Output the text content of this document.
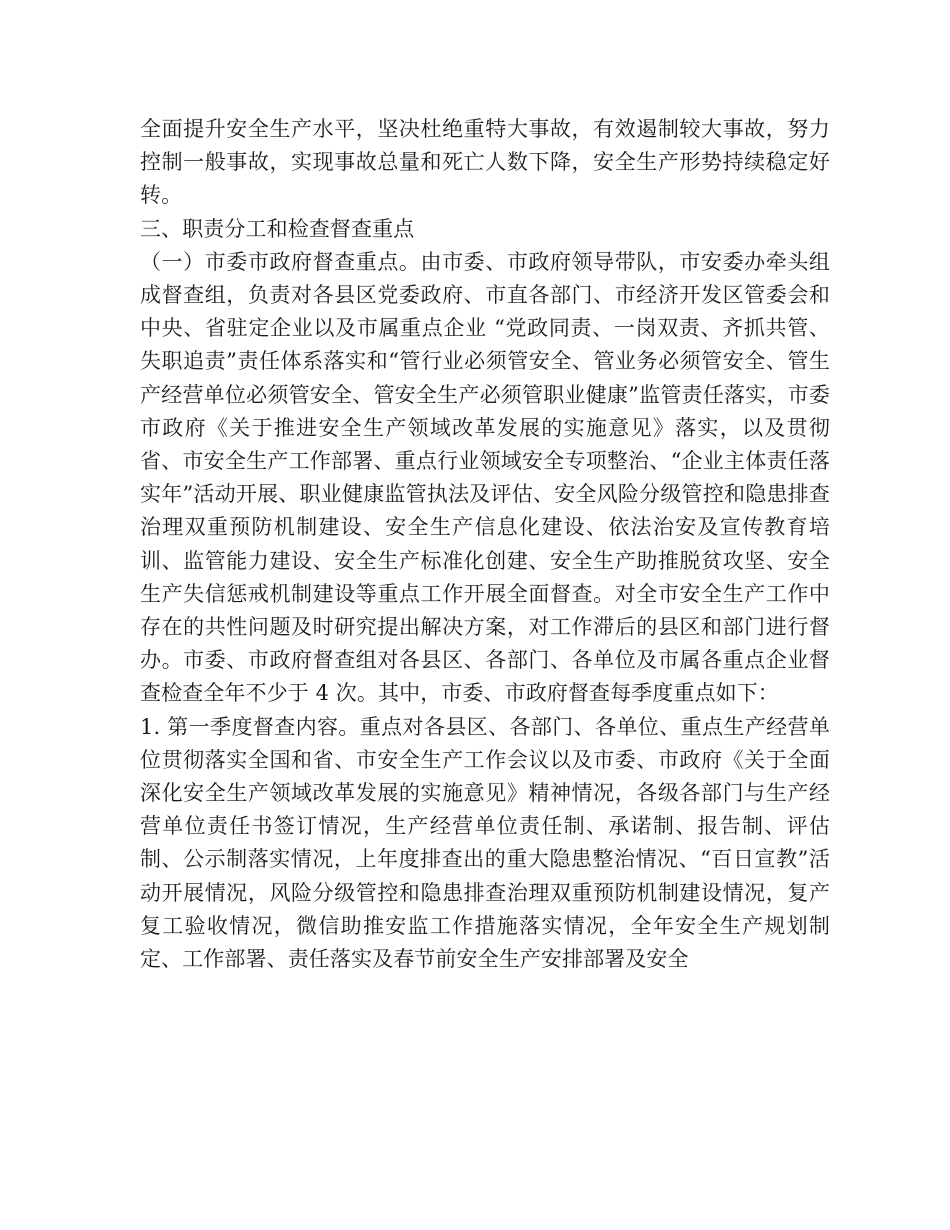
全面提升安全生产水平，坚决杜绝重特大事故，有效遏制较大事故，努力控制一般事故，实现事故总量和死亡人数下降，安全生产形势持续稳定好转。

三、职责分工和检查督查重点

（一）市委市政府督查重点。由市委、市政府领导带队，市安委办牵头组成督查组，负责对各县区党委政府、市直各部门、市经济开发区管委会和中央、省驻定企业以及市属重点企业 “党政同责、一岗双责、齐抓共管、失职追责”责任体系落实和“管行业必须管安全、管业务必须管安全、管生产经营单位必须管安全、管安全生产必须管职业健康”监管责任落实，市委市政府《关于推进安全生产领域改革发展的实施意见》落实，以及贯彻省、市安全生产工作部署、重点行业领域安全专项整治、“企业主体责任落实年”活动开展、职业健康监管执法及评估、安全风险分级管控和隐患排查治理双重预防机制建设、安全生产信息化建设、依法治安及宣传教育培训、监管能力建设、安全生产标准化创建、安全生产助推脱贫攻坚、安全生产失信惩戒机制建设等重点工作开展全面督查。对全市安全生产工作中存在的共性问题及时研究提出解决方案，对工作滞后的县区和部门进行督办。市委、市政府督查组对各县区、各部门、各单位及市属各重点企业督查检查全年不少于 4 次。其中，市委、市政府督查每季度重点如下：

1. 第一季度督查内容。重点对各县区、各部门、各单位、重点生产经营单位贯彻落实全国和省、市安全生产工作会议以及市委、市政府《关于全面深化安全生产领域改革发展的实施意见》精神情况，各级各部门与生产经营单位责任书签订情况，生产经营单位责任制、承诺制、报告制、评估制、公示制落实情况，上年度排查出的重大隐患整治情况、“百日宣教”活动开展情况，风险分级管控和隐患排查治理双重预防机制建设情况，复产复工验收情况，微信助推安监工作措施落实情况，全年安全生产规划制定、工作部署、责任落实及春节前安全生产安排部署及安全
